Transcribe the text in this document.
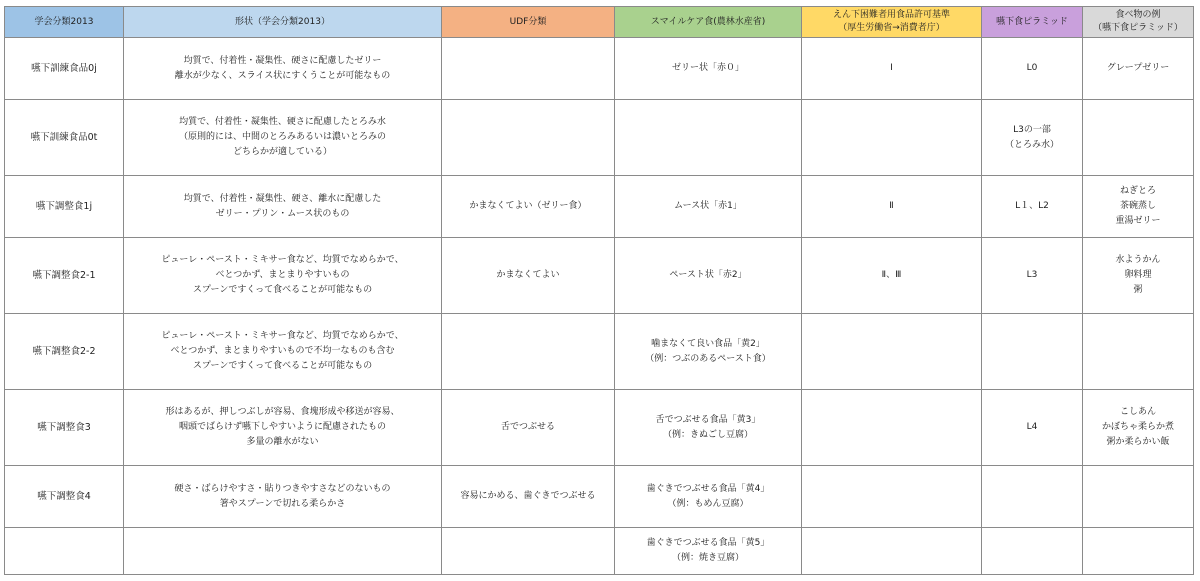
学会分類2013	形状（学会分類2013）	UDF分類	スマイルケア食(農林水産省)	えん下困難者用食品許可基準
（厚生労働省→消費者庁）	嚥下食ピラミッド	食べ物の例
（嚥下食ピラミッド）
嚥下訓練食品0j	均質で、付着性・凝集性、硬さに配慮したゼリー
離水が少なく、スライス状にすくうことが可能なもの		ゼリー状「赤０」	Ⅰ	L0	グレープゼリー
嚥下訓練食品0t	均質で、付着性・凝集性、硬さに配慮したとろみ水
（原則的には、中間のとろみあるいは濃いとろみの
どちらかが適している）				L3の一部
（とろみ水）	
嚥下調整食1j	均質で、付着性・凝集性、硬さ、離水に配慮した
ゼリー・プリン・ムース状のもの	かまなくてよい（ゼリー食）	ムース状「赤1」	Ⅱ	L１、L2	ねぎとろ
茶碗蒸し
重湯ゼリー
嚥下調整食2-1	ピューレ・ペースト・ミキサー食など、均質でなめらかで、
べとつかず、まとまりやすいもの
スプーンですくって食べることが可能なもの	かまなくてよい	ペースト状「赤2」	Ⅱ、Ⅲ	L3	水ようかん
卵料理
粥
嚥下調整食2-2	ピューレ・ペースト・ミキサー食など、均質でなめらかで、
べとつかず、まとまりやすいもので不均一なものも含む
スプーンですくって食べることが可能なもの		噛まなくて良い食品「黄2」
（例：つぶのあるペースト食）			
嚥下調整食3	形はあるが、押しつぶしが容易、食塊形成や移送が容易、
咽頭でばらけず嚥下しやすいように配慮されたもの
多量の離水がない	舌でつぶせる	舌でつぶせる食品「黄3」
（例：きぬごし豆腐）		L4	こしあん
かぼちゃ柔らか煮
粥か柔らかい飯
嚥下調整食4	硬さ・ばらけやすさ・貼りつきやすさなどのないもの
箸やスプーンで切れる柔らかさ	容易にかめる、歯ぐきでつぶせる	歯ぐきでつぶせる食品「黄4」
（例：もめん豆腐）			
			歯ぐきでつぶせる食品「黄5」
（例：焼き豆腐）			
